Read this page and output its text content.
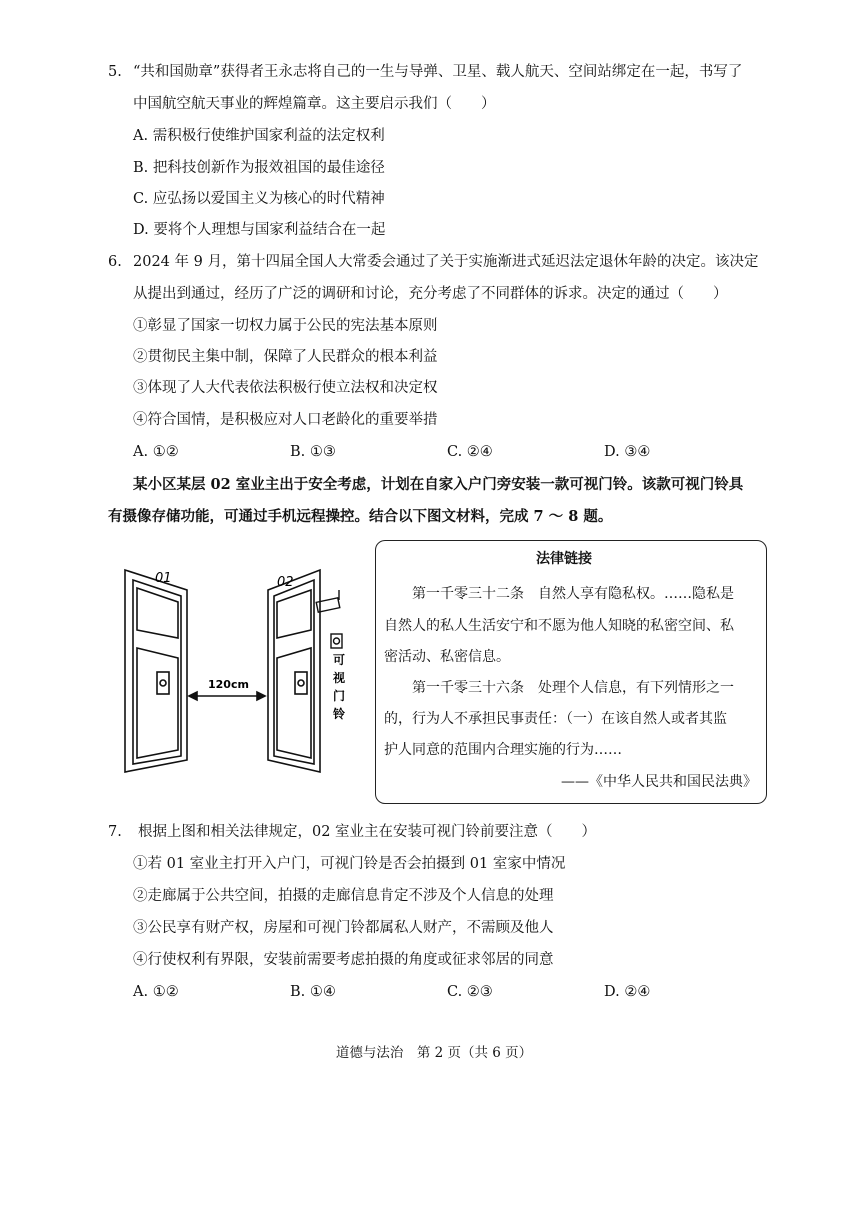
5. “共和国勋章”获得者王永志将自己的一生与导弹、卫星、载人航天、空间站绑定在一起，书写了
中国航空航天事业的辉煌篇章。这主要启示我们（　　）
A. 需积极行使维护国家利益的法定权利
B. 把科技创新作为报效祖国的最佳途径
C. 应弘扬以爱国主义为核心的时代精神
D. 要将个人理想与国家利益结合在一起
6. 2024 年 9 月，第十四届全国人大常委会通过了关于实施渐进式延迟法定退休年龄的决定。该决定
从提出到通过，经历了广泛的调研和讨论，充分考虑了不同群体的诉求。决定的通过（　　）
①彰显了国家一切权力属于公民的宪法基本原则
②贯彻民主集中制，保障了人民群众的根本利益
③体现了人大代表依法积极行使立法权和决定权
④符合国情，是积极应对人口老龄化的重要举措
A. ①②	B. ①③	C. ②④	D. ③④
某小区某层 02 室业主出于安全考虑，计划在自家入户门旁安装一款可视门铃。该款可视门铃具
有摄像存储功能，可通过手机远程操控。结合以下图文材料，完成 7 ～ 8 题。
01	02
可
视
门
铃
120cm
法律链接
第一千零三十二条　自然人享有隐私权。……隐私是
自然人的私人生活安宁和不愿为他人知晓的私密空间、私
密活动、私密信息。
第一千零三十六条　处理个人信息，有下列情形之一
的，行为人不承担民事责任：（一）在该自然人或者其监
护人同意的范围内合理实施的行为……
——《中华人民共和国民法典》
7. 根据上图和相关法律规定，02 室业主在安装可视门铃前要注意（　　）
①若 01 室业主打开入户门，可视门铃是否会拍摄到 01 室家中情况
②走廊属于公共空间，拍摄的走廊信息肯定不涉及个人信息的处理
③公民享有财产权，房屋和可视门铃都属私人财产，不需顾及他人
④行使权利有界限，安装前需要考虑拍摄的角度或征求邻居的同意
A. ①②	B. ①④	C. ②③	D. ②④
道德与法治　第 2 页（共 6 页）
